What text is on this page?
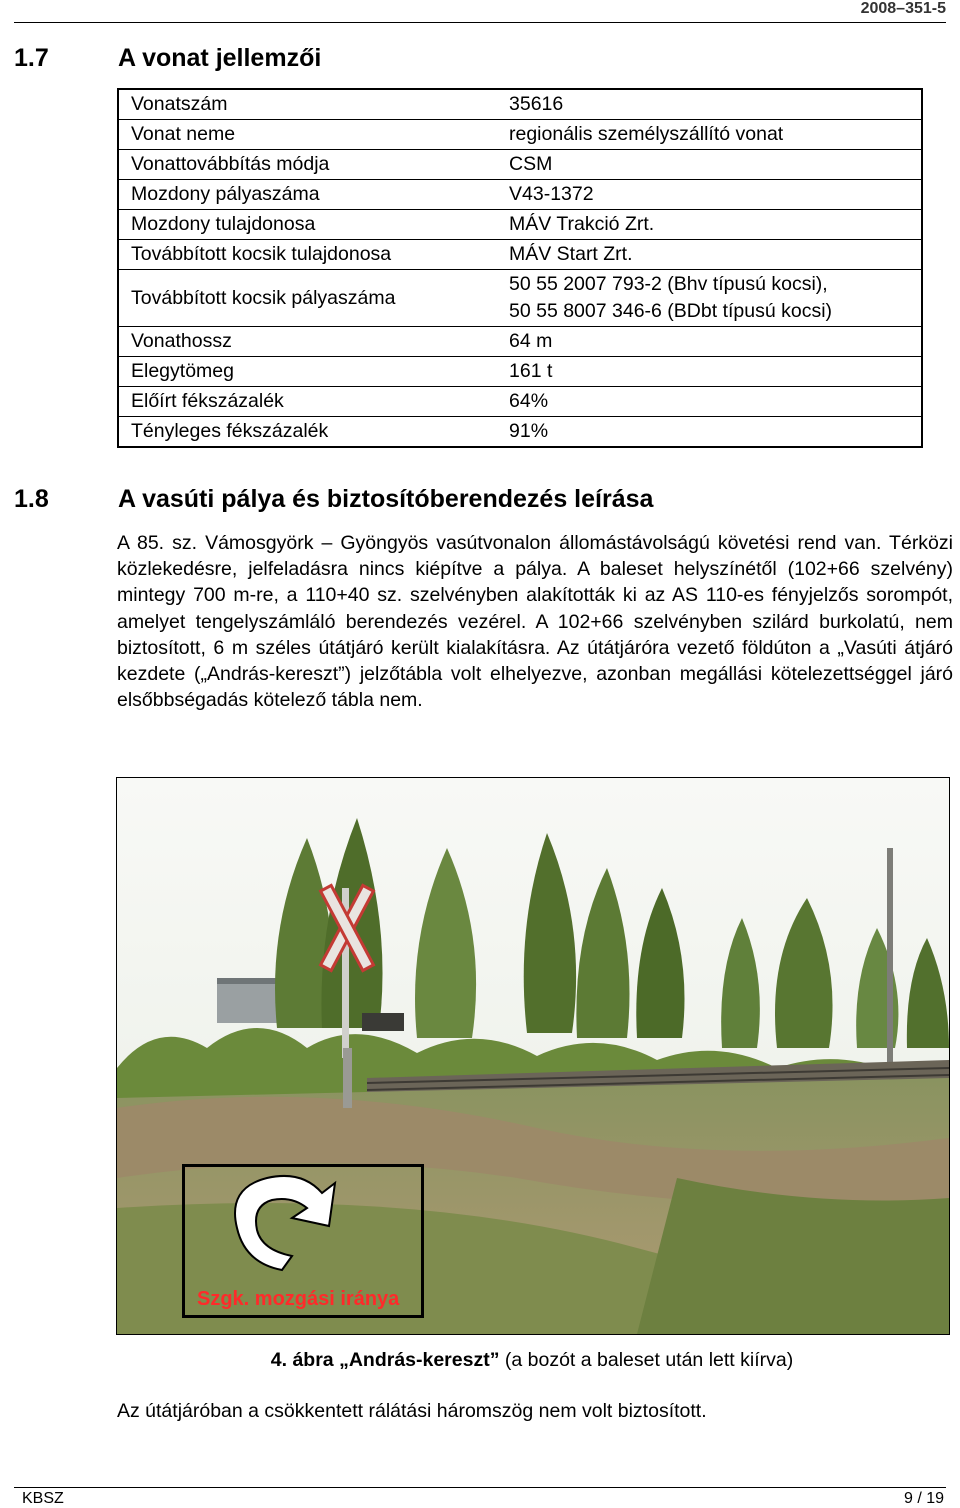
2008–351-5
1.7	A vonat jellemzői
Vonatszám	35616
Vonat neme	regionális személyszállító vonat
Vonattovábbítás módja	CSM
Mozdony pályaszáma	V43-1372
Mozdony tulajdonosa	MÁV Trakció Zrt.
Továbbított kocsik tulajdonosa	MÁV Start Zrt.
Továbbított kocsik pályaszáma	50 55 2007 793-2 (Bhv típusú kocsi),
50 55 8007 346-6 (BDbt típusú kocsi)

Vonathossz	64 m
Elegytömeg	161 t
Előírt fékszázalék	64%
Tényleges fékszázalék	91%
1.8	A vasúti pálya és biztosítóberendezés leírása
A 85. sz. Vámosgyörk – Gyöngyös vasútvonalon állomástávolságú követési rend van. Térközi közlekedésre, jelfeladásra nincs kiépítve a pálya. A baleset helyszínétől (102+66 szelvény) mintegy 700 m-re, a 110+40 sz. szelvényben alakították ki az AS 110-es fényjelzős sorompót, amelyet tengelyszámláló berendezés vezérel. A 102+66 szelvényben szilárd burkolatú, nem biztosított, 6 m széles útátjáró került kialakításra. Az útátjáróra vezető földúton a „Vasúti átjáró kezdete („András-kereszt”) jelzőtábla volt elhelyezve, azonban megállási kötelezettséggel járó elsőbbségadás kötelező tábla nem.
Szgk. mozgási iránya
4. ábra „András-kereszt” (a bozót a baleset után lett kiírva)
Az útátjáróban a csökkentett rálátási háromszög nem volt biztosított.
KBSZ	9 / 19
